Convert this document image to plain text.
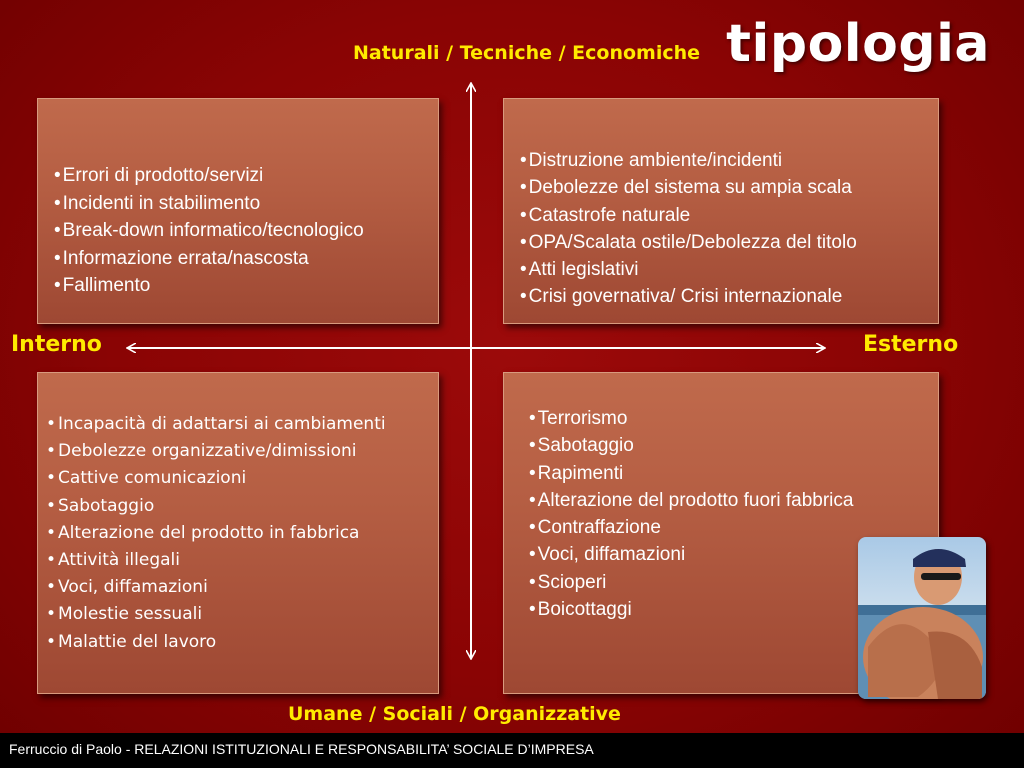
tipologia
Naturali / Tecniche / Economiche
Umane / Sociali / Organizzative
Interno	Esterno
• Errori di prodotto/servizi
• Incidenti in stabilimento
• Break-down informatico/tecnologico
• Informazione errata/nascosta
• Fallimento
• Distruzione ambiente/incidenti
• Debolezze del sistema su ampia scala
• Catastrofe naturale
• OPA/Scalata ostile/Debolezza del titolo
• Atti legislativi
• Crisi governativa/ Crisi internazionale
• Incapacità di adattarsi ai cambiamenti
• Debolezze organizzative/dimissioni
• Cattive comunicazioni
• Sabotaggio
• Alterazione del prodotto in fabbrica
• Attività illegali
• Voci, diffamazioni
• Molestie sessuali
• Malattie del lavoro
• Terrorismo
• Sabotaggio
• Rapimenti
• Alterazione del prodotto fuori fabbrica
• Contraffazione
• Voci, diffamazioni
• Scioperi
• Boicottaggi
Ferruccio di Paolo - RELAZIONI ISTITUZIONALI E RESPONSABILITA’ SOCIALE D’IMPRESA
